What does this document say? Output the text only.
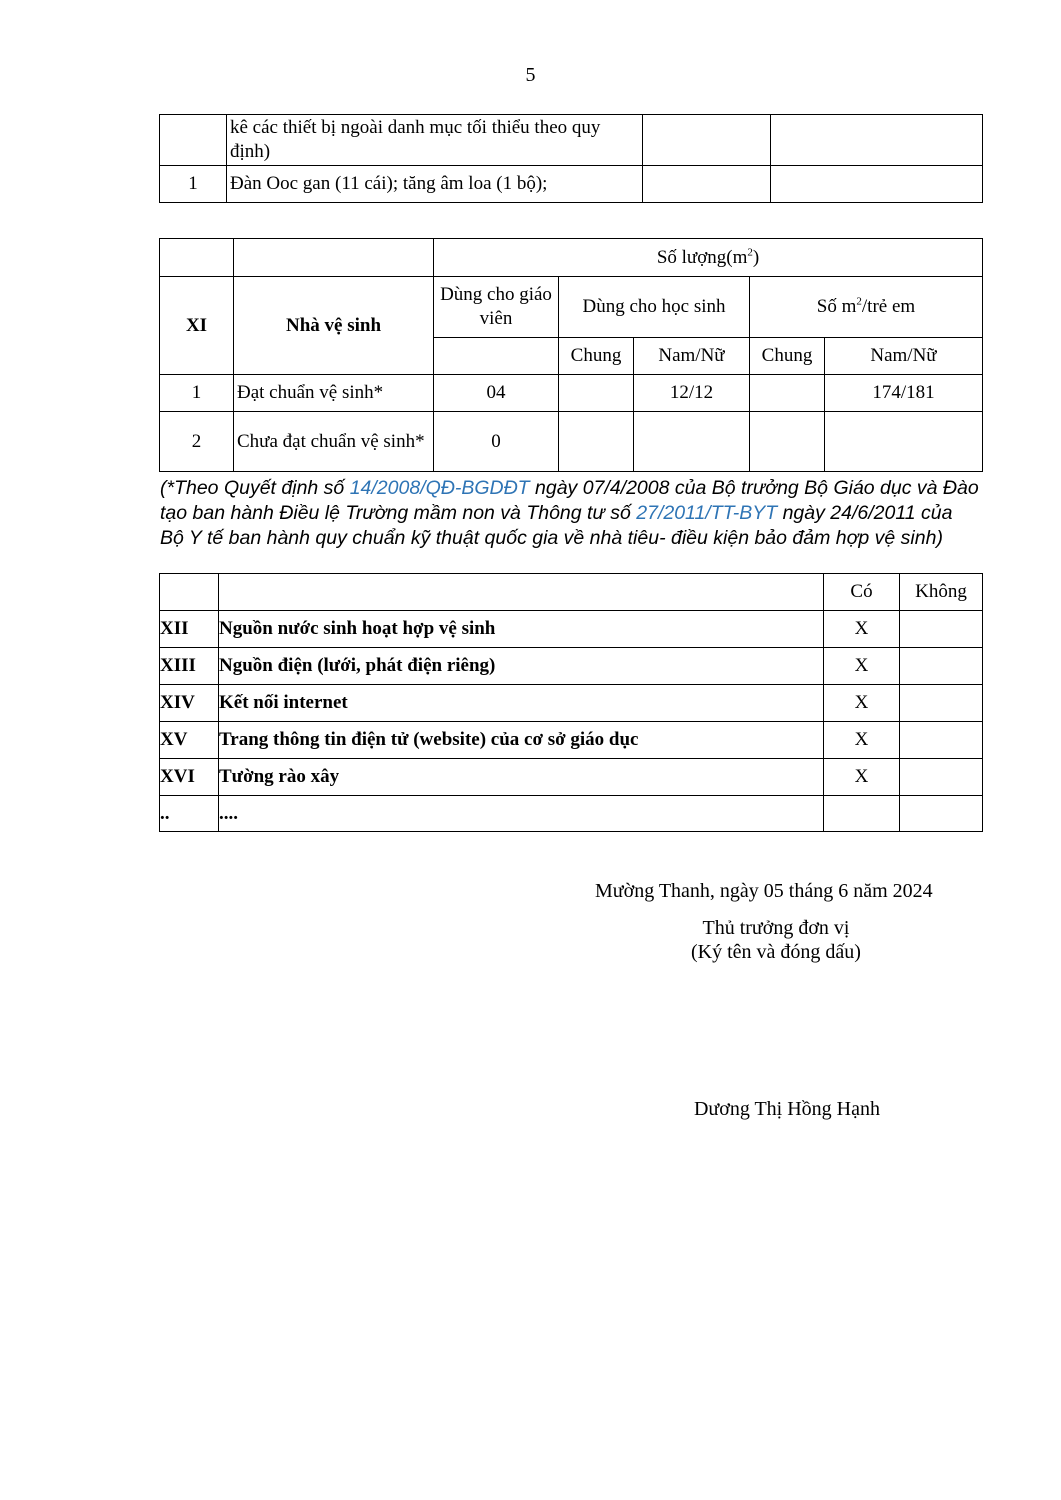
5
	kê các thiết bị ngoài danh mục tối thiểu theo quy định)		
1	Đàn Ooc gan (11 cái); tăng âm loa (1 bộ);		
		Số $lượng(m^2)$				
XI	Nhà vệ sinh	Dùng cho giáo viên	Dùng cho học sinh		Số $m^2$/trẻ em	
			Chung	Nam/Nữ	Chung	Nam/Nữ
1	Đạt chuẩn vệ sinh*	04		12/12		174/181
2	Chưa đạt chuẩn vệ sinh*	0				
(*Theo Quyết định số 14/2008/QĐ-BGDĐT ngày 07/4/2008 của Bộ trưởng Bộ Giáo dục và Đào tạo ban hành Điều lệ Trường mầm non và Thông tư số 27/2011/TT-BYT ngày 24/6/2011 của Bộ Y tế ban hành quy chuẩn kỹ thuật quốc gia về nhà tiêu- điều kiện bảo đảm hợp vệ sinh)
		Có	Không
XII	Nguồn nước sinh hoạt hợp vệ sinh	X	
XIII	Nguồn điện (lưới, phát điện riêng)	X	
XIV	Kết nối internet	X	
XV	Trang thông tin điện tử (website) của cơ sở giáo dục	X	
XVI	Tường rào xây	X	
..	....		
Mường Thanh, ngày 05 tháng 6 năm 2024
Thủ trưởng đơn vị
(Ký tên và đóng dấu)
Dương Thị Hồng Hạnh
